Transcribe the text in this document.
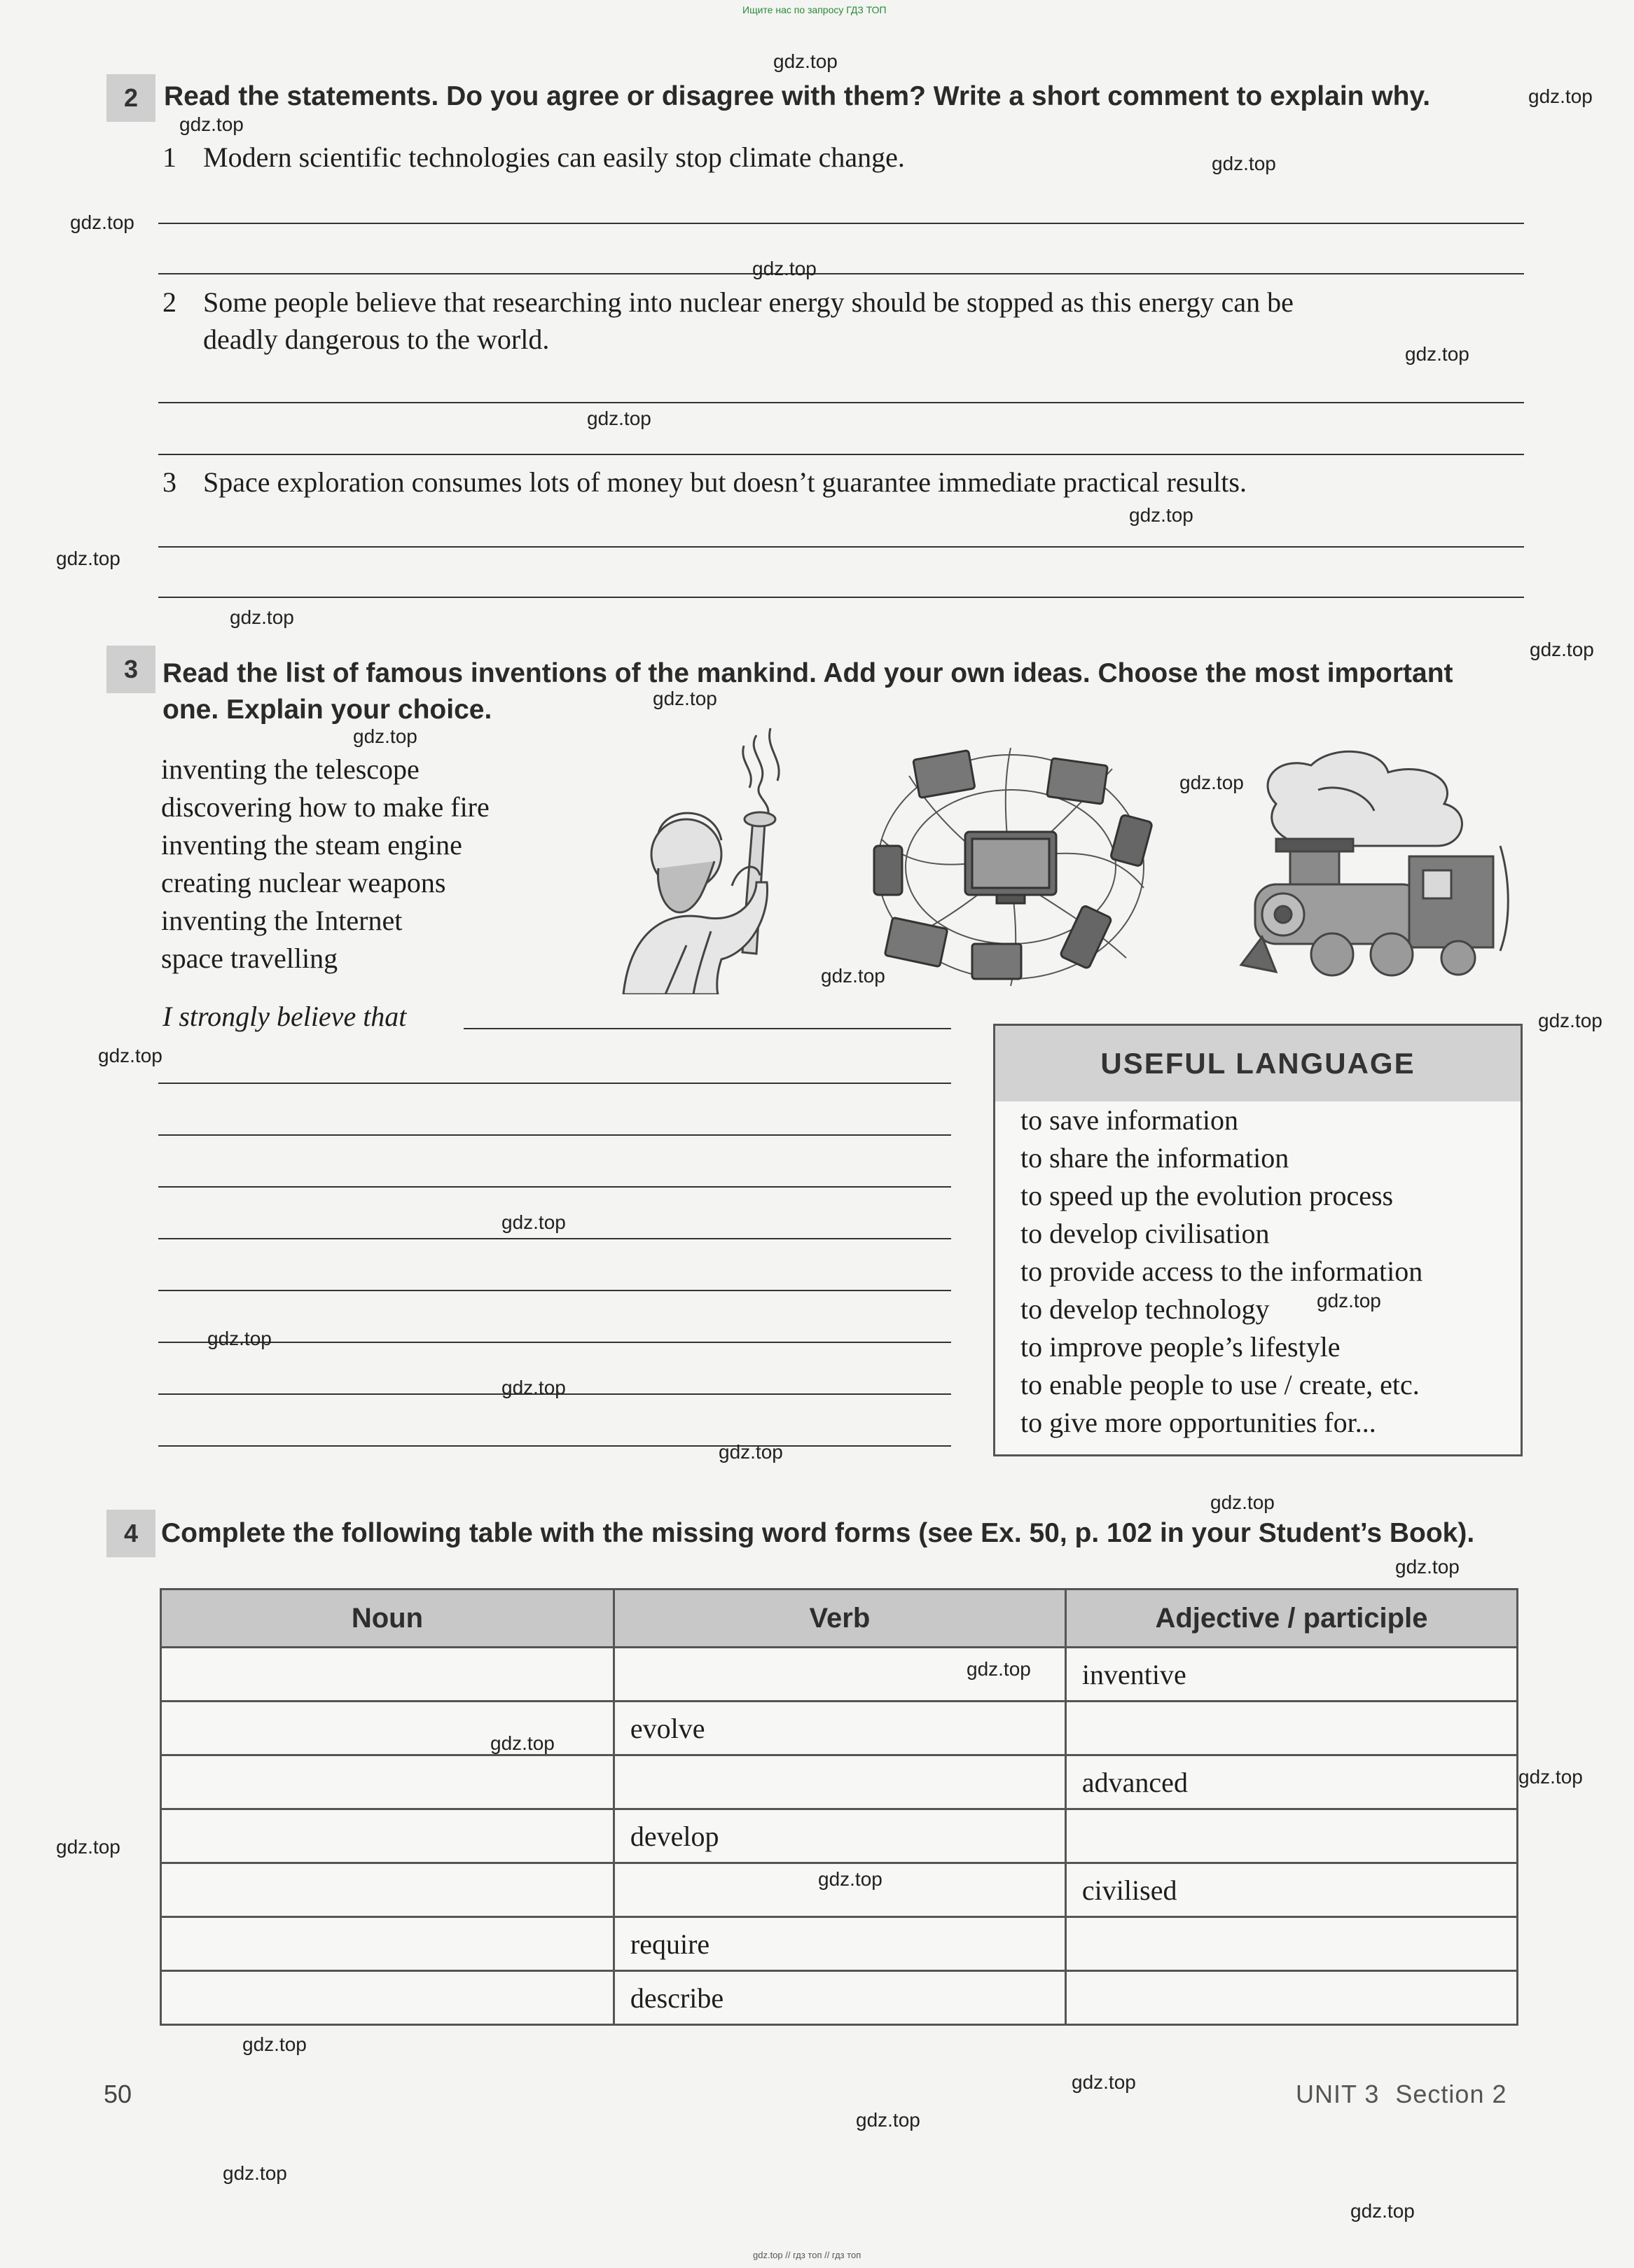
Ищите нас по запросу ГДЗ ТОП
gdz.top // гдз топ // гдз топ
2 Read the statements. Do you agree or disagree with them? Write a short comment to explain why.
1 Modern scientific technologies can easily stop climate change.
2 Some people believe that researching into nuclear energy should be stopped as this energy can be
deadly dangerous to the world.
3 Space exploration consumes lots of money but doesn’t guarantee immediate practical results.
3 Read the list of famous inventions of the mankind. Add your own ideas. Choose the most important
one. Explain your choice.
inventing the telescope
discovering how to make fire
inventing the steam engine
creating nuclear weapons
inventing the Internet
space travelling
I strongly believe that
USEFUL LANGUAGE
to save information
to share the information
to speed up the evolution process
to develop civilisation
to provide access to the information
to develop technology
to improve people’s lifestyle
to enable people to use / create, etc.
to give more opportunities for...
4 Complete the following table with the missing word forms (see Ex. 50, p. 102 in your Student’s Book).
Noun	Verb	Adjective / participle
		inventive
	evolve	
		advanced
	develop	
		civilised
	require	
	describe	
50	UNIT 3 Section 2
gdz.top
gdz.top
gdz.top
gdz.top
gdz.top
gdz.top
gdz.top
gdz.top
gdz.top
gdz.top
gdz.top
gdz.top
gdz.top
gdz.top
gdz.top
gdz.top
gdz.top
gdz.top
gdz.top
gdz.top
gdz.top
gdz.top
gdz.top
gdz.top
gdz.top
gdz.top
gdz.top
gdz.top
gdz.top
gdz.top
gdz.top
gdz.top
gdz.top
gdz.top
gdz.top
